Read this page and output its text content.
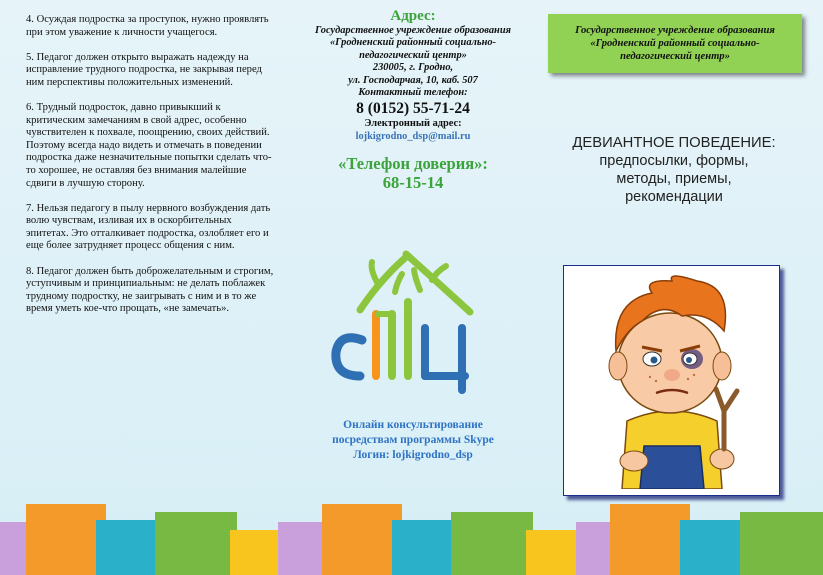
4. Осуждая подростка за проступок, нужно проявлять при этом уважение к личности учащегося.

5. Педагог должен открыто выражать надежду на исправление трудного подростка, не закрывая перед ним перспективы положительных изменений.

6. Трудный подросток, давно привыкший к критическим замечаниям в свой адрес, особенно чувствителен к похвале, поощрению, своих действий. Поэтому всегда надо видеть и отмечать в поведении подростка даже незначительные попытки сделать что-то хорошее, не оставляя без внимания малейшие сдвиги в лучшую сторону.

7. Нельзя педагогу в пылу нервного возбуждения дать волю чувствам, изливая их в оскорбительных эпитетах. Это отталкивает подростка, озлобляет его и еще более затрудняет процесс общения с ним.

8. Педагог должен быть доброжелательным и строгим, уступчивым и принципиальным: не делать поблажек трудному подростку, не заигрывать с ним и в то же время уметь кое-что прощать, «не замечать».

Адрес:
Государственное учреждение образования
«Гродненский районный социально-
педагогический центр»
230005, г. Гродно,
ул. Господарчая, 10, каб. 507
Контактный телефон:
8 (0152) 55-71-24
Электронный адрес:
lojkigrodno_dsp@mail.ru
«Телефон доверия»:
68-15-14
Онлайн консультирование
посредствам программы Skype
Логин: lojkigrodno_dsp
Государственное учреждение образования
«Гродненский районный социально-
педагогический центр»
ДЕВИАНТНОЕ ПОВЕДЕНИЕ:
предпосылки, формы,
методы, приемы,
рекомендации
